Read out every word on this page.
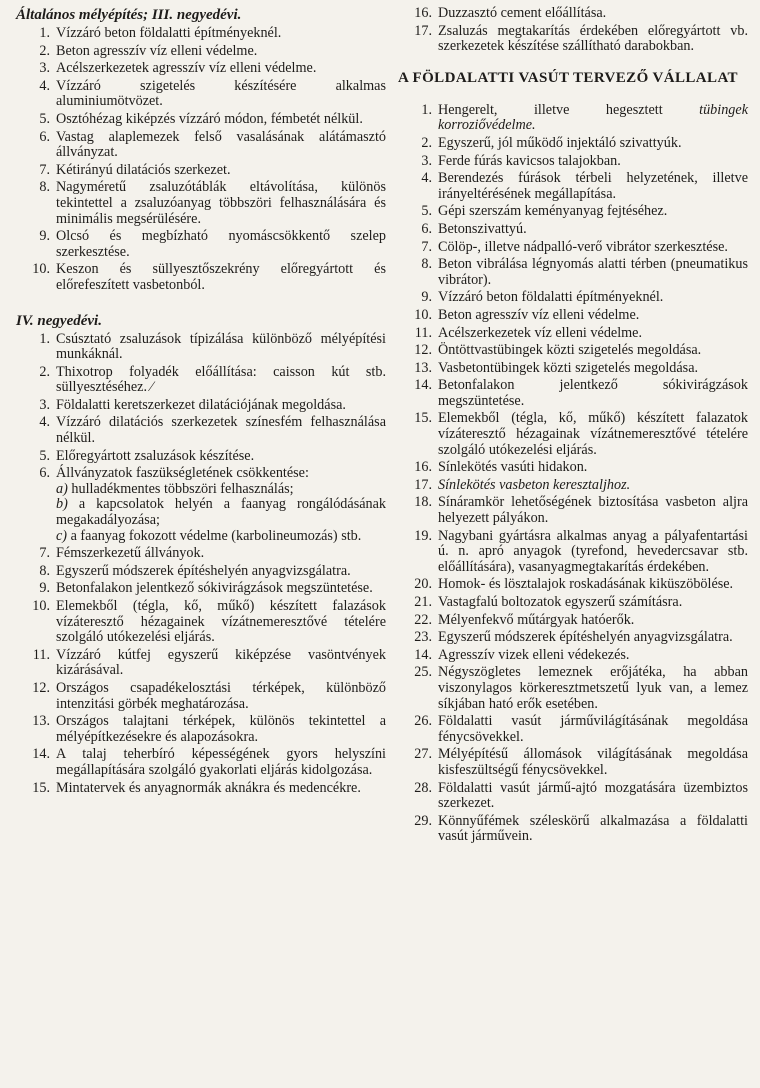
Általános mélyépítés; III. negyedévi.
1. Vízzáró beton földalatti építményeknél.
2. Beton agresszív víz elleni védelme.
3. Acélszerkezetek agresszív víz elleni védelme.
4. Vízzáró szigetelés készítésére alkalmas aluminiumötvözet.
5. Osztóhézag kiképzés vízzáró módon, fémbetét nélkül.
6. Vastag alaplemezek felső vasalásának alátámasztó állványzat.
7. Kétirányú dilatációs szerkezet.
8. Nagyméretű zsaluzótáblák eltávolítása, különös tekintettel a zsaluzóanyag többszöri felhasználására és minimális megsérülésére.
9. Olcsó és megbízható nyomáscsökkentő szelep szerkesztése.
10. Keszon és süllyesztőszekrény előregyártott és előrefeszített vasbetonból.
IV. negyedévi.
1. Csúsztató zsaluzások típizálása különböző mélyépítési munkáknál.
2. Thixotrop folyadék előállítása: caisson kút stb. süllyesztéséhez. ⁄
3. Földalatti keretszerkezet dilatációjának megoldása.
4. Vízzáró dilatációs szerkezetek színesfém felhasználása nélkül.
5. Előregyártott zsaluzások készítése.
6. Állványzatok faszükségletének csökkentése:
a) hulladékmentes többszöri felhasználás;
b) a kapcsolatok helyén a faanyag rongálódásának megakadályozása;
c) a faanyag fokozott védelme (karbolineumozás) stb.
7. Fémszerkezetű állványok.
8. Egyszerű módszerek építéshelyén anyagvizsgálatra.
9. Betonfalakon jelentkező sókivirágzások megszüntetése.
10. Elemekből (tégla, kő, műkő) készített falazások vízáteresztő hézagainek vízátnemeresztővé tételére szolgáló utókezelési eljárás.
11. Vízzáró kútfej egyszerű kiképzése vasöntvények kizárásával.
12. Országos csapadékelosztási térképek, különböző intenzitási görbék meghatározása.
13. Országos talajtani térképek, különös tekintettel a mélyépítkezésekre és alapozásokra.
14. A talaj teherbíró képességének gyors helyszíni megállapítására szolgáló gyakorlati eljárás kidolgozása.
15. Mintatervek és anyagnormák aknákra és medencékre.
16. Duzzasztó cement előállítása.
17. Zsaluzás megtakarítás érdekében előregyártott vb. szerkezetek készítése szállítható darabokban.
A FÖLDALATTI VASÚT TERVEZŐ VÁLLALAT
1. Hengerelt, illetve hegesztett	tübingek korroziővédelme.
2. Egyszerű, jól működő injektáló szivattyúk.
3. Ferde fúrás kavicsos talajokban.
4. Berendezés fúrások térbeli helyzetének, illetve irányeltérésének megállapítása.
5. Gépi szerszám keményanyag fejtéséhez.
6. Betonszivattyú.
7. Cölöp-, illetve nádpalló-verő vibrátor szerkesztése.
8. Beton vibrálása légnyomás alatti térben (pneumatikus vibrátor).
9. Vízzáró beton földalatti építményeknél.
10. Beton agresszív víz elleni védelme.
11. Acélszerkezetek víz elleni védelme.
12. Öntöttvastübingek közti szigetelés megoldása.
13. Vasbetontübingek közti szigetelés megoldása.
14. Betonfalakon jelentkező sókivirágzások megszüntetése.
15. Elemekből (tégla, kő, műkő) készített falazatok vízáteresztő hézagainak vízátnemeresztővé tételére szolgáló utókezelési eljárás.
16. Sínlekötés vasúti hidakon.
17. Sínlekötés vasbeton keresztaljhoz.
18. Sínáramkör lehetőségének biztosítása vasbeton aljra helyezett pályákon.
19. Nagybani gyártásra alkalmas anyag a pályafentartási ú. n. apró anyagok (tyrefond, hevedercsavar stb. előállítására), vasanyagmegtakarítás érdekében.
20. Homok- és lösztalajok roskadásának kiküszöbölése.
21. Vastagfalú boltozatok egyszerű számításra.
22. Mélyenfekvő műtárgyak hatóerők.
23. Egyszerű módszerek építéshelyén anyagvizsgálatra.
14. Agresszív vizek elleni védekezés.
25. Négyszögletes lemeznek erőjátéka, ha abban viszonylagos körkeresztmetszetű lyuk van, a lemez síkjában ható erők esetében.
26. Földalatti vasút járművilágításának megoldása fénycsövekkel.
27. Mélyépítésű állomások világításának megoldása kisfeszültségű fénycsövekkel.
28. Földalatti vasút jármű-ajtó mozgatására üzembiztos szerkezet.
29. Könnyűfémek széleskörű alkalmazása a földalatti vasút járművein.
